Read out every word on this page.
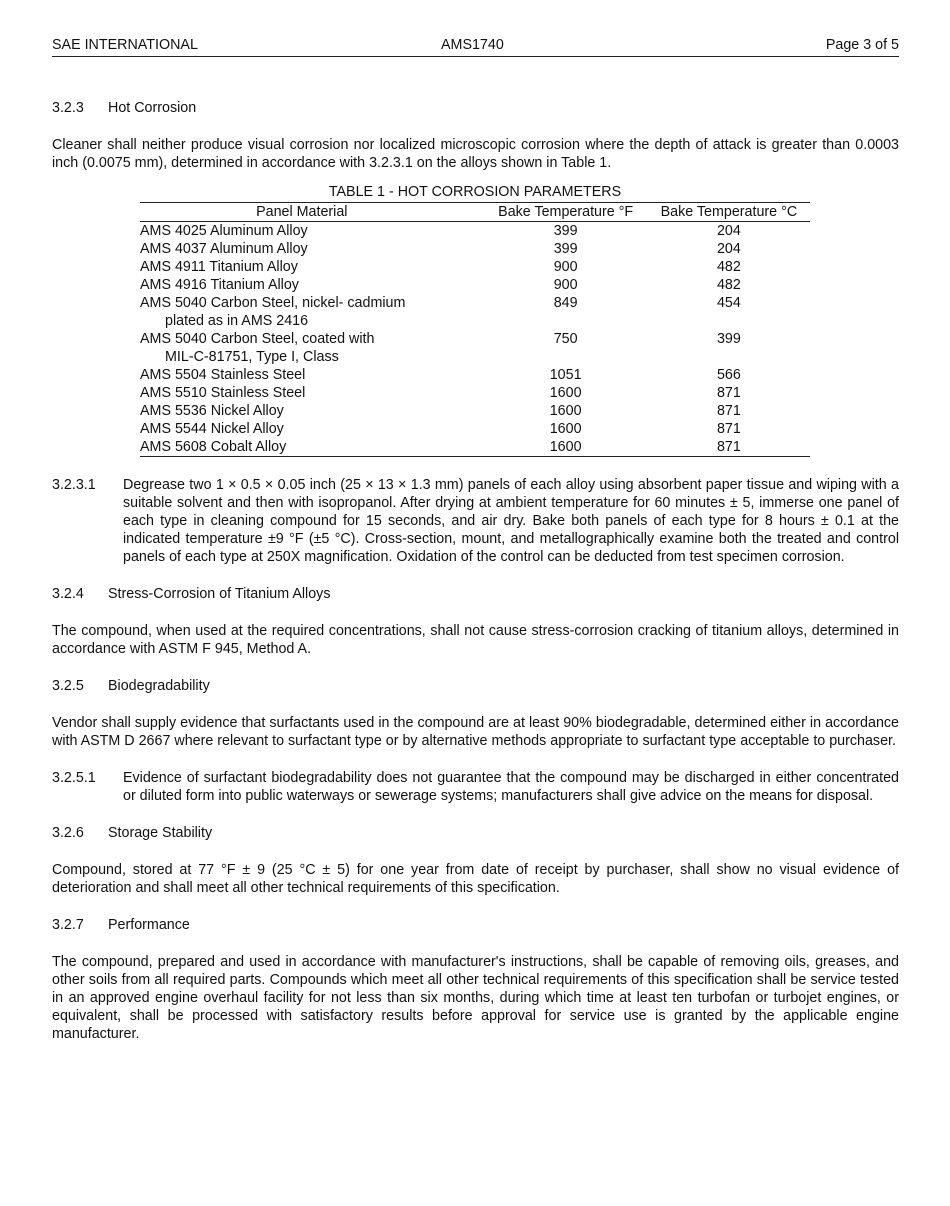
SAE INTERNATIONAL	AMS1740	Page 3 of 5
3.2.3	Hot Corrosion

Cleaner shall neither produce visual corrosion nor localized microscopic corrosion where the depth of attack is greater than 0.0003 inch (0.0075 mm), determined in accordance with 3.2.3.1 on the alloys shown in Table 1.

TABLE 1 - HOT CORROSION PARAMETERS
Panel Material	Bake Temperature °F	Bake Temperature °C

AMS 4025 Aluminum Alloy	399	204

AMS 4037 Aluminum Alloy	399	204

AMS 4911 Titanium Alloy	900	482

AMS 4916 Titanium Alloy	900	482

AMS 5040 Carbon Steel, nickel- cadmium
plated as in AMS 2416	849	454

AMS 5040 Carbon Steel, coated with
MIL-C-81751, Type I, Class	750	399

AMS 5504 Stainless Steel	1051	566

AMS 5510 Stainless Steel	1600	871

AMS 5536 Nickel Alloy	1600	871

AMS 5544 Nickel Alloy	1600	871

AMS 5608 Cobalt Alloy	1600	871
3.2.3.1	Degrease two 1 × 0.5 × 0.05 inch (25 × 13 × 1.3 mm) panels of each alloy using absorbent paper tissue and wiping with a suitable solvent and then with isopropanol. After drying at ambient temperature for 60 minutes ± 5, immerse one panel of each type in cleaning compound for 15 seconds, and air dry. Bake both panels of each type for 8 hours ± 0.1 at the indicated temperature ±9 °F (±5 °C). Cross-section, mount, and metallographically examine both the treated and control panels of each type at 250X magnification. Oxidation of the control can be deducted from test specimen corrosion.
3.2.4	Stress-Corrosion of Titanium Alloys

The compound, when used at the required concentrations, shall not cause stress-corrosion cracking of titanium alloys, determined in accordance with ASTM F 945, Method A.

3.2.5	Biodegradability

Vendor shall supply evidence that surfactants used in the compound are at least 90% biodegradable, determined either in accordance with ASTM D 2667 where relevant to surfactant type or by alternative methods appropriate to surfactant type acceptable to purchaser.

3.2.5.1	Evidence of surfactant biodegradability does not guarantee that the compound may be discharged in either concentrated or diluted form into public waterways or sewerage systems; manufacturers shall give advice on the means for disposal.
3.2.6	Storage Stability

Compound, stored at 77 °F ± 9 (25 °C ± 5) for one year from date of receipt by purchaser, shall show no visual evidence of deterioration and shall meet all other technical requirements of this specification.

3.2.7	Performance

The compound, prepared and used in accordance with manufacturer's instructions, shall be capable of removing oils, greases, and other soils from all required parts. Compounds which meet all other technical requirements of this specification shall be service tested in an approved engine overhaul facility for not less than six months, during which time at least ten turbofan or turbojet engines, or equivalent, shall be processed with satisfactory results before approval for service use is granted by the applicable engine manufacturer.
